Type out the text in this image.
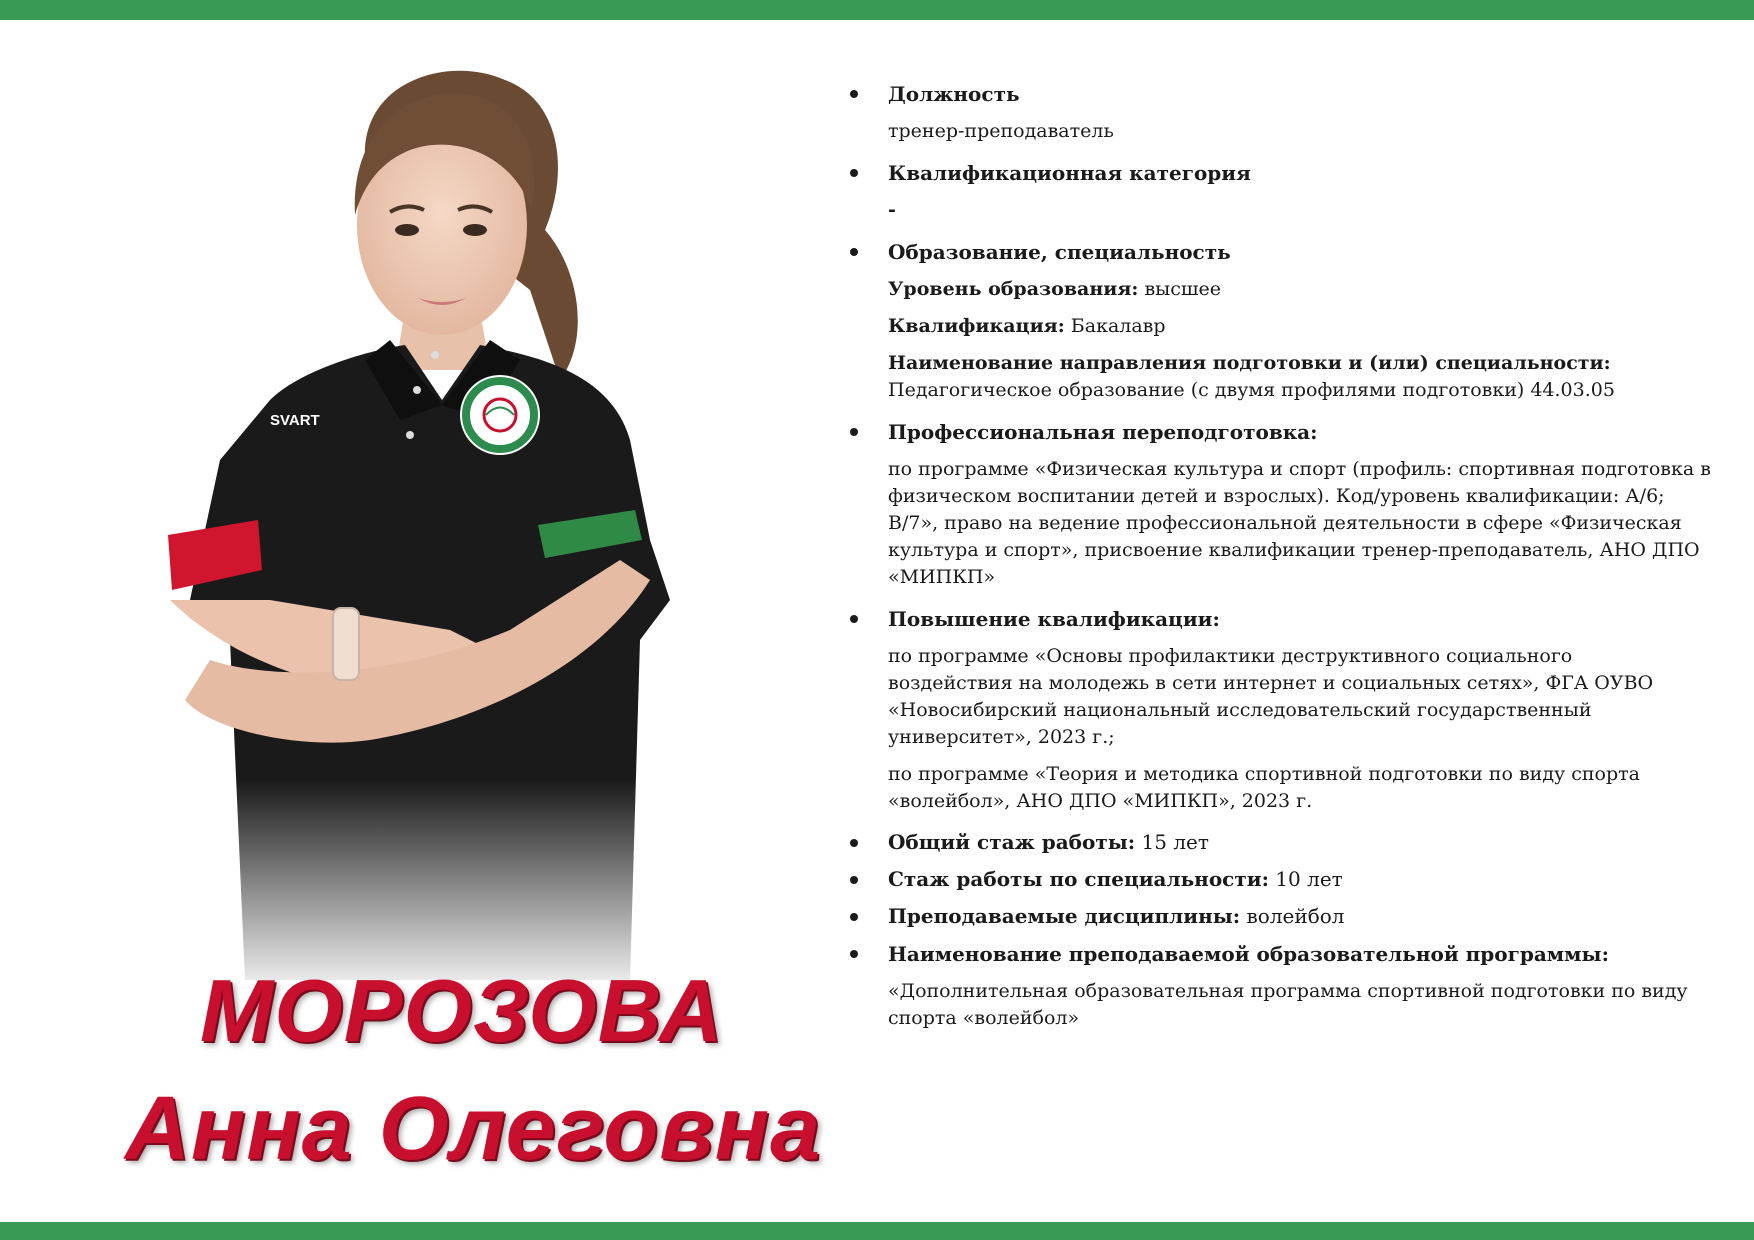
SVART
МОРОЗОВА
Анна Олеговна
Должность
тренер-преподаватель
Квалификационная категория
-
Образование, специальность
Уровень образования: высшее
Квалификация: Бакалавр
Наименование направления подготовки и (или) специальности: Педагогическое образование (с двумя профилями подготовки) 44.03.05
Профессиональная переподготовка:
по программе «Физическая культура и спорт (профиль: спортивная подготовка в физическом воспитании детей и взрослых). Код/уровень квалификации: А/6; В/7», право на ведение профессиональной деятельности в сфере «Физическая культура и спорт», присвоение квалификации тренер-преподаватель, АНО ДПО «МИПКП»
Повышение квалификации:
по программе «Основы профилактики деструктивного социального воздействия на молодежь в сети интернет и социальных сетях», ФГА ОУВО «Новосибирский национальный исследовательский государственный университет», 2023 г.;
по программе «Теория и методика спортивной подготовки по виду спорта «волейбол», АНО ДПО «МИПКП», 2023 г.
Общий стаж работы: 15 лет
Стаж работы по специальности: 10 лет
Преподаваемые дисциплины: волейбол
Наименование преподаваемой образовательной программы:
«Дополнительная образовательная программа спортивной подготовки по виду спорта «волейбол»
